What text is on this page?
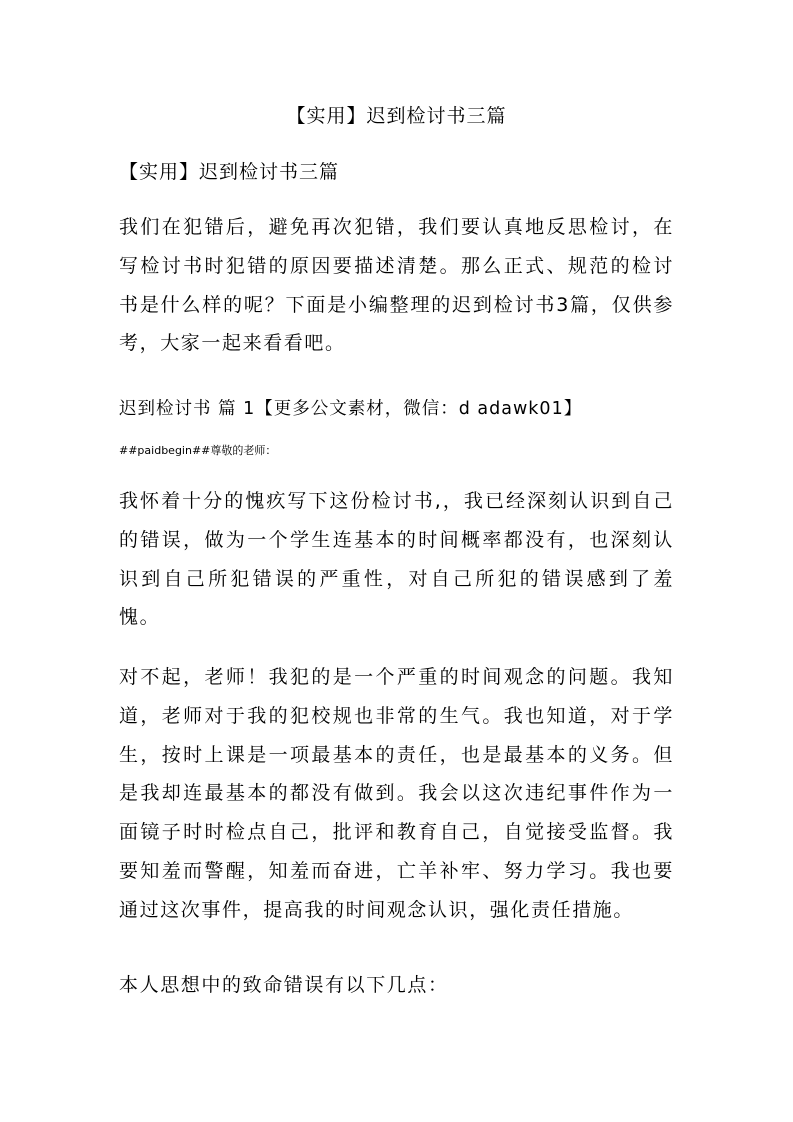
【实用】迟到检讨书三篇
【实用】迟到检讨书三篇

我们在犯错后，避免再次犯错，我们要认真地反思检讨，在写检讨书时犯错的原因要描述清楚。那么正式、规范的检讨书是什么样的呢？下面是小编整理的迟到检讨书3篇，仅供参考，大家一起来看看吧。

迟到检讨书 篇 1【更多公文素材，微信：d adawk01】
##paidbegin##尊敬的老师：

我怀着十分的愧疚写下这份检讨书,，我已经深刻认识到自己的错误，做为一个学生连基本的时间概率都没有，也深刻认识到自己所犯错误的严重性，对自己所犯的错误感到了羞愧。

对不起，老师！我犯的是一个严重的时间观念的问题。我知道，老师对于我的犯校规也非常的生气。我也知道，对于学生，按时上课是一项最基本的责任，也是最基本的义务。但是我却连最基本的都没有做到。我会以这次违纪事件作为一面镜子时时检点自己，批评和教育自己，自觉接受监督。我要知羞而警醒，知羞而奋进，亡羊补牢、努力学习。我也要通过这次事件，提高我的时间观念认识，强化责任措施。

本人思想中的致命错误有以下几点：
